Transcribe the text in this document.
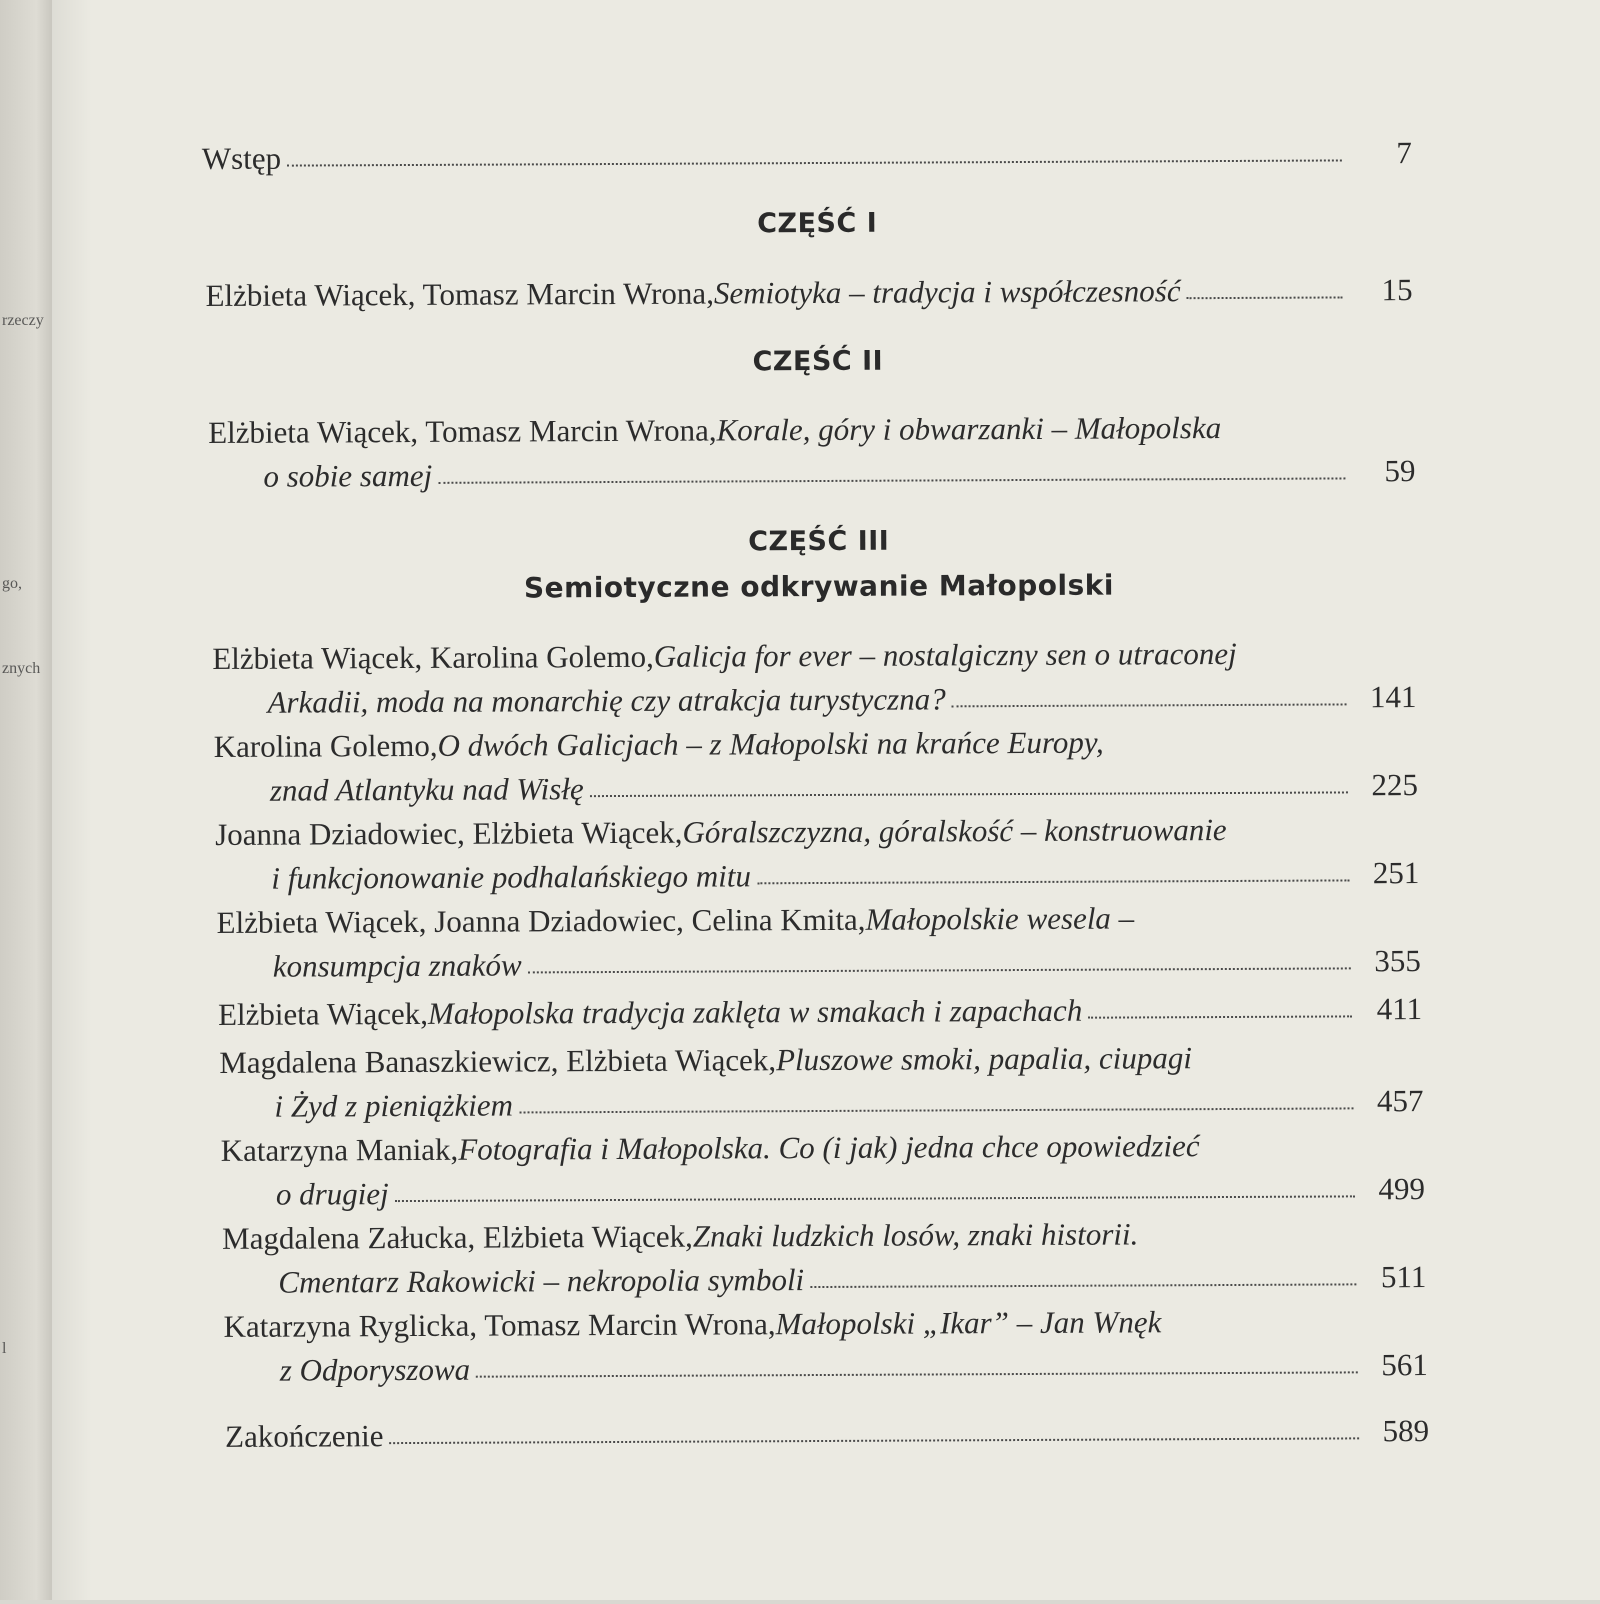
rzeczy
go,
znych
l
Wstęp	7
CZĘŚĆ I
Elżbieta Wiącek, Tomasz Marcin Wrona, Semiotyka – tradycja i współczesność	15
CZĘŚĆ II
Elżbieta Wiącek, Tomasz Marcin Wrona, Korale, góry i obwarzanki – Małopolska
o sobie samej	59
CZĘŚĆ III
Semiotyczne odkrywanie Małopolski
Elżbieta Wiącek, Karolina Golemo, Galicja for ever – nostalgiczny sen o utraconej
Arkadii, moda na monarchię czy atrakcja turystyczna?	141
Karolina Golemo, O dwóch Galicjach – z Małopolski na krańce Europy,
znad Atlantyku nad Wisłę	225
Joanna Dziadowiec, Elżbieta Wiącek, Góralszczyzna, góralskość – konstruowanie
i funkcjonowanie podhalańskiego mitu	251
Elżbieta Wiącek, Joanna Dziadowiec, Celina Kmita, Małopolskie wesela –
konsumpcja znaków	355
Elżbieta Wiącek, Małopolska tradycja zaklęta w smakach i zapachach	411
Magdalena Banaszkiewicz, Elżbieta Wiącek, Pluszowe smoki, papalia, ciupagi
i Żyd z pieniążkiem	457
Katarzyna Maniak, Fotografia i Małopolska. Co (i jak) jedna chce opowiedzieć
o drugiej	499
Magdalena Załucka, Elżbieta Wiącek, Znaki ludzkich losów, znaki historii.
Cmentarz Rakowicki – nekropolia symboli	511
Katarzyna Ryglicka, Tomasz Marcin Wrona, Małopolski „Ikar” – Jan Wnęk
z Odporyszowa	561
Zakończenie	589
